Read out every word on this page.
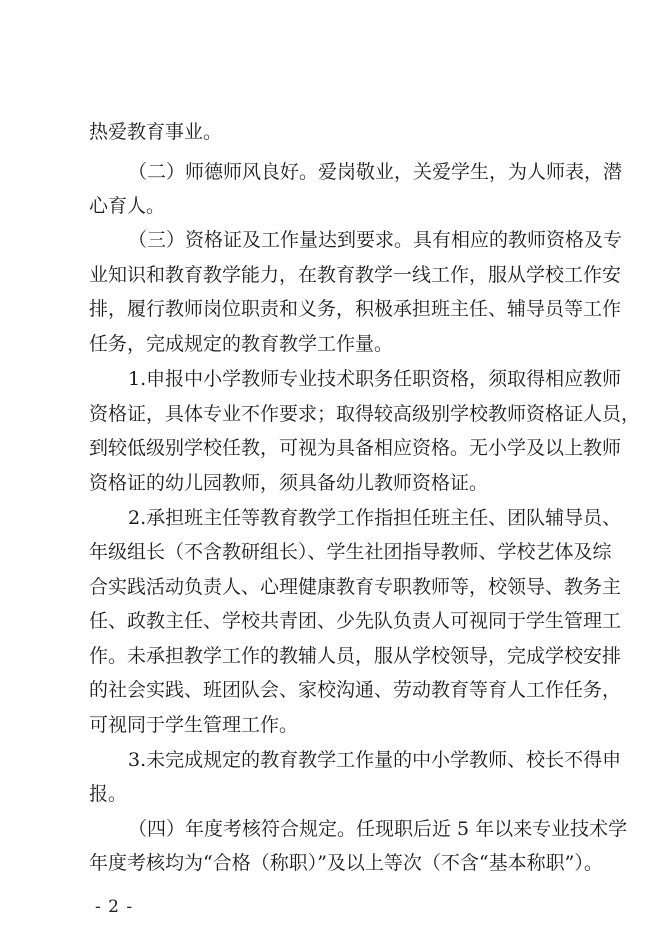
热爱教育事业。
（二）师德师风良好。爱岗敬业，关爱学生，为人师表，潜
心育人。
（三）资格证及工作量达到要求。具有相应的教师资格及专
业知识和教育教学能力，在教育教学一线工作，服从学校工作安
排，履行教师岗位职责和义务，积极承担班主任、辅导员等工作
任务，完成规定的教育教学工作量。
1.申报中小学教师专业技术职务任职资格，须取得相应教师
资格证，具体专业不作要求；取得较高级别学校教师资格证人员，
到较低级别学校任教，可视为具备相应资格。无小学及以上教师
资格证的幼儿园教师，须具备幼儿教师资格证。
2.承担班主任等教育教学工作指担任班主任、团队辅导员、
年级组长（不含教研组长）、学生社团指导教师、学校艺体及综
合实践活动负责人、心理健康教育专职教师等，校领导、教务主
任、政教主任、学校共青团、少先队负责人可视同于学生管理工
作。未承担教学工作的教辅人员，服从学校领导，完成学校安排
的社会实践、班团队会、家校沟通、劳动教育等育人工作任务，
可视同于学生管理工作。
3.未完成规定的教育教学工作量的中小学教师、校长不得申
报。
（四）年度考核符合规定。任现职后近 5 年以来专业技术学
年度考核均为“合格（称职）”及以上等次（不含“基本称职”）。
- 2 -
